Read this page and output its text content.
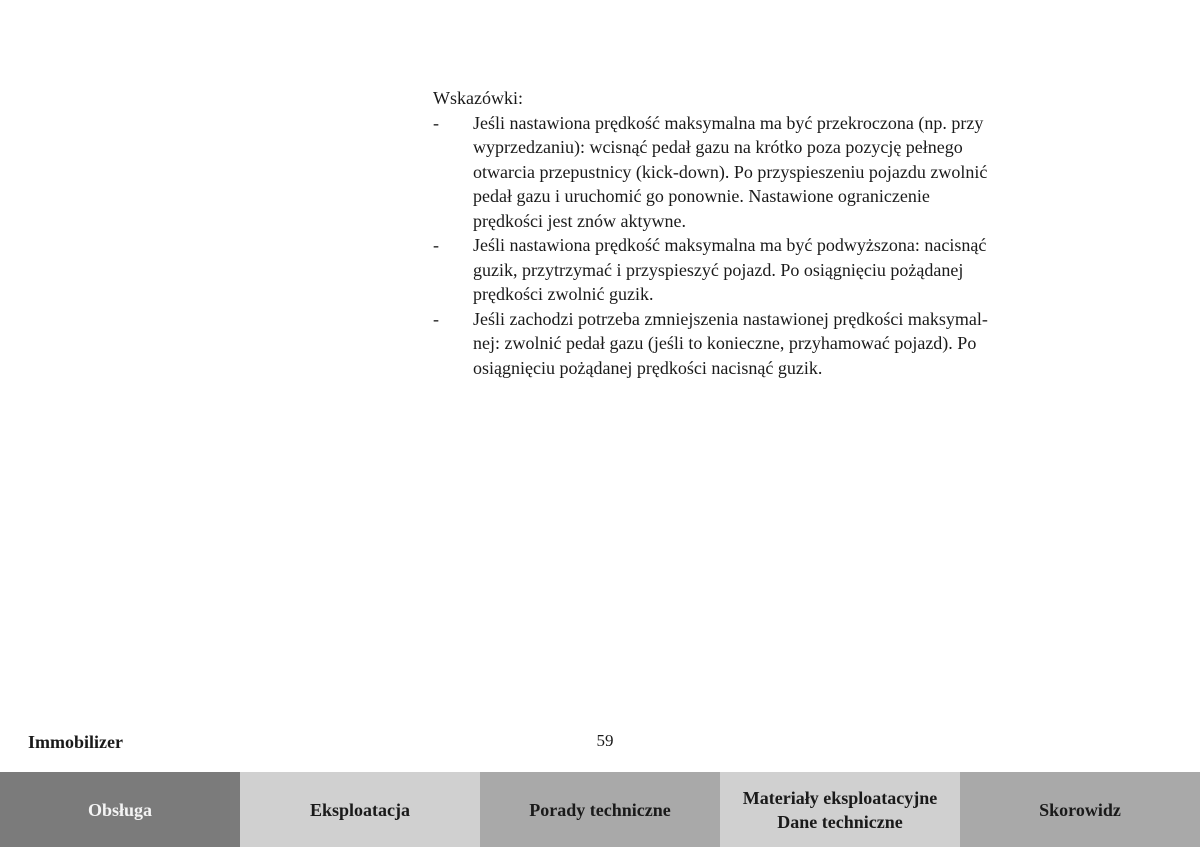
Wskazówki:
-	Jeśli nastawiona prędkość maksymalna ma być przekroczona (np. przy
wyprzedzaniu): wcisnąć pedał gazu na krótko poza pozycję pełnego
otwarcia przepustnicy (kick-down). Po przyspieszeniu pojazdu zwolnić
pedał gazu i uruchomić go ponownie. Nastawione ograniczenie
prędkości jest znów aktywne.
-	Jeśli nastawiona prędkość maksymalna ma być podwyższona: nacisnąć
guzik, przytrzymać i przyspieszyć pojazd. Po osiągnięciu pożądanej
prędkości zwolnić guzik.
-	Jeśli zachodzi potrzeba zmniejszenia nastawionej prędkości maksymal-
nej: zwolnić pedał gazu (jeśli to konieczne, przyhamować pojazd). Po
osiągnięciu pożądanej prędkości nacisnąć guzik.
Immobilizer	59
Obsługa	Eksploatacja	Porady techniczne
Materiały eksploatacyjne
Dane techniczne
Skorowidz
